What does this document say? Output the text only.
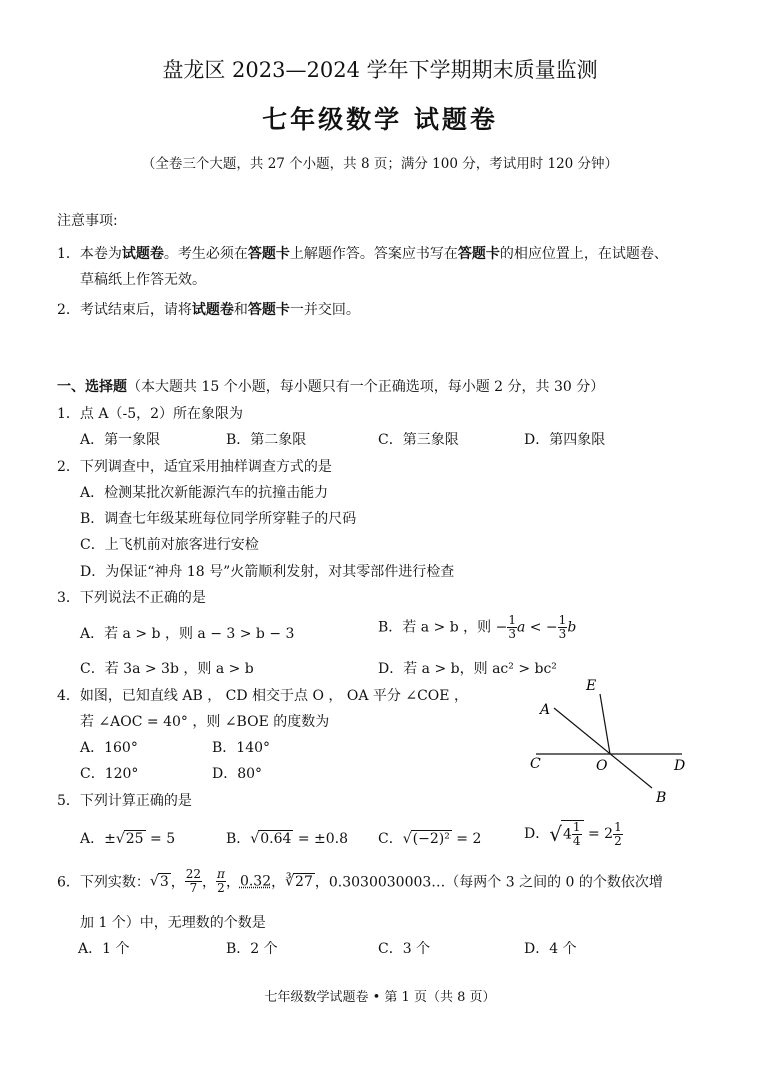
盘龙区 2023—2024 学年下学期期末质量监测
七年级数学 试题卷
（全卷三个大题，共 27 个小题，共 8 页；满分 100 分，考试用时 120 分钟）
注意事项:
1．本卷为试题卷。考生必须在答题卡上解题作答。答案应书写在答题卡的相应位置上，在试题卷、
草稿纸上作答无效。
2．考试结束后，请将试题卷和答题卡一并交回。
一、选择题（本大题共 15 个小题，每小题只有一个正确选项，每小题 2 分，共 30 分）
1．点 A（-5，2）所在象限为
A．第一象限	B．第二象限	C．第三象限	D．第四象限
2．下列调查中，适宜采用抽样调查方式的是
A．检测某批次新能源汽车的抗撞击能力
B．调查七年级某班每位同学所穿鞋子的尺码
C．上飞机前对旅客进行安检
D．为保证“神舟 18 号”火箭顺利发射，对其零部件进行检查
3．下列说法不正确的是
A．若 a > b ，则 a − 3 > b − 3	B．若 a > b ，则 − $\frac{1}{3}$ a < − $\frac{1}{3}$ b
C．若 3a > 3b ，则 a > b	D．若 a > b，则 ac² > bc²
4．如图，已知直线 AB ， CD 相交于点 O ， OA 平分 ∠COE ，
若 ∠AOC = 40° ，则 ∠BOE 的度数为
A．160°	B．140°
C．120°	D．80°
E
A
C	O	D
B
5．下列计算正确的是
A．±√25 = 5	B．√0.64 = ±0.8 C．√(−2)² = 2	D．$√4 \frac{1}{4} = 2 \frac{1}{2}$
6．下列实数：√3 ， $\frac{22}{7}$ ， $\frac{\pi}{2}$ ，0.32，∛27 ，0.3030030003…（每两个 3 之间的 0 的个数依次增
加 1 个）中，无理数的个数是
A．1 个	B．2 个	C．3 个	D．4 个
七年级数学试题卷 • 第 1 页（共 8 页）
